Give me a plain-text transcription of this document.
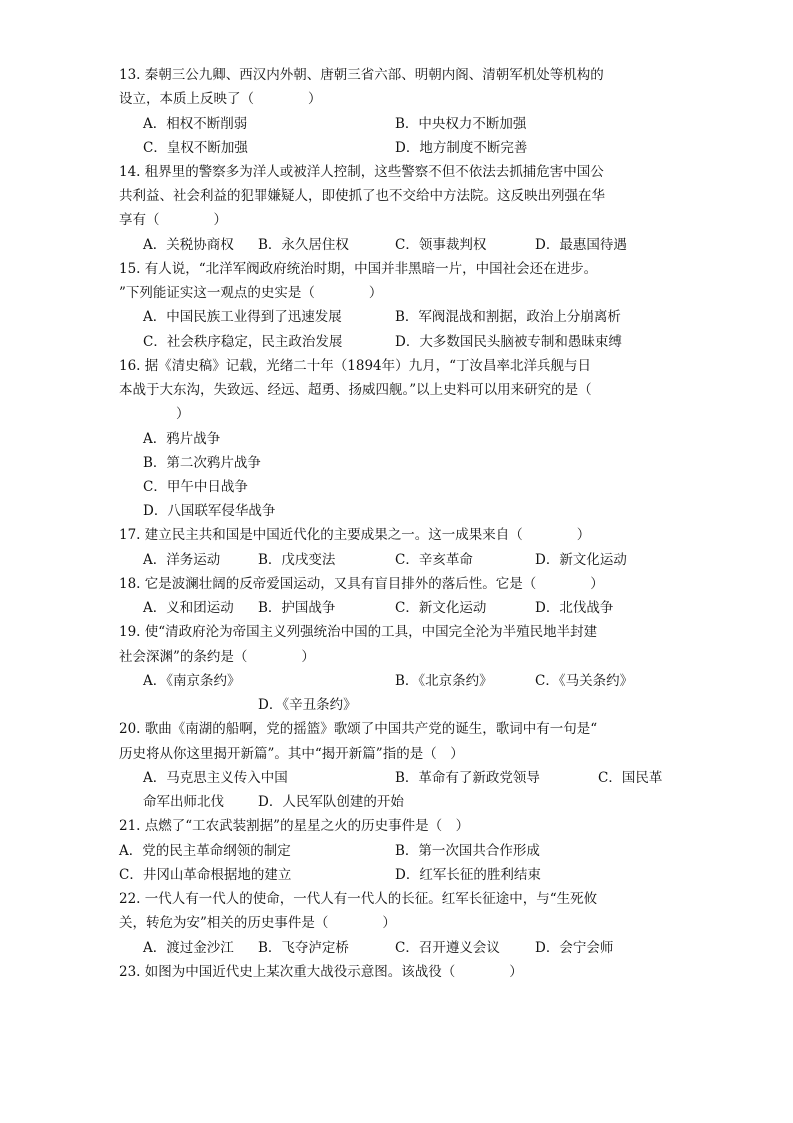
13. 秦朝三公九卿、西汉内外朝、唐朝三省六部、明朝内阁、清朝军机处等机构的
设立，本质上反映了（　　　　）
A．相权不断削弱	B．中央权力不断加强
C．皇权不断加强	D．地方制度不断完善
14. 租界里的警察多为洋人或被洋人控制，这些警察不但不依法去抓捕危害中国公
共利益、社会利益的犯罪嫌疑人，即使抓了也不交给中方法院。这反映出列强在华
享有（　　　　）
A．关税协商权 B．永久居住权	C．领事裁判权	D．最惠国待遇
15. 有人说，“北洋军阀政府统治时期，中国并非黑暗一片，中国社会还在进步。
”下列能证实这一观点的史实是（　　　　）
A．中国民族工业得到了迅速发展	B．军阀混战和割据，政治上分崩离析
C．社会秩序稳定，民主政治发展	D．大多数国民头脑被专制和愚昧束缚
16. 据《清史稿》记载，光绪二十年（1894年）九月，“丁汝昌率北洋兵舰与日
本战于大东沟，失致远、经远、超勇、扬威四舰。”以上史料可以用来研究的是（
）
A．鸦片战争
B．第二次鸦片战争
C．甲午中日战争
D．八国联军侵华战争
17. 建立民主共和国是中国近代化的主要成果之一。这一成果来自（　　　　）
A．洋务运动	B．戊戌变法	C．辛亥革命	D．新文化运动
18. 它是波澜壮阔的反帝爱国运动，又具有盲目排外的落后性。它是（　　　　）
A．义和团运动 B．护国战争	C．新文化运动	D．北伐战争
19. 使“清政府沦为帝国主义列强统治中国的工具，中国完全沦为半殖民地半封建
社会深渊”的条约是（　　　　）
A．《南京条约》	B．《北京条约》	C．《马关条约》
D．《辛丑条约》
20. 歌曲《南湖的船啊，党的摇篮》歌颂了中国共产党的诞生，歌词中有一句是“
历史将从你这里揭开新篇”。其中“揭开新篇”指的是（　）
A．马克思主义传入中国	B．革命有了新政党领导	C．国民革
命军出师北伐	D．人民军队创建的开始
21. 点燃了“工农武装割据”的星星之火的历史事件是（　）
A．党的民主革命纲领的制定	B．第一次国共合作形成
C．井冈山革命根据地的建立	D．红军长征的胜利结束
22. 一代人有一代人的使命，一代人有一代人的长征。红军长征途中，与“生死攸
关，转危为安”相关的历史事件是（　　　　）
A．渡过金沙江 B．飞夺泸定桥	C．召开遵义会议	D．会宁会师
23. 如图为中国近代史上某次重大战役示意图。该战役（　　　　）
